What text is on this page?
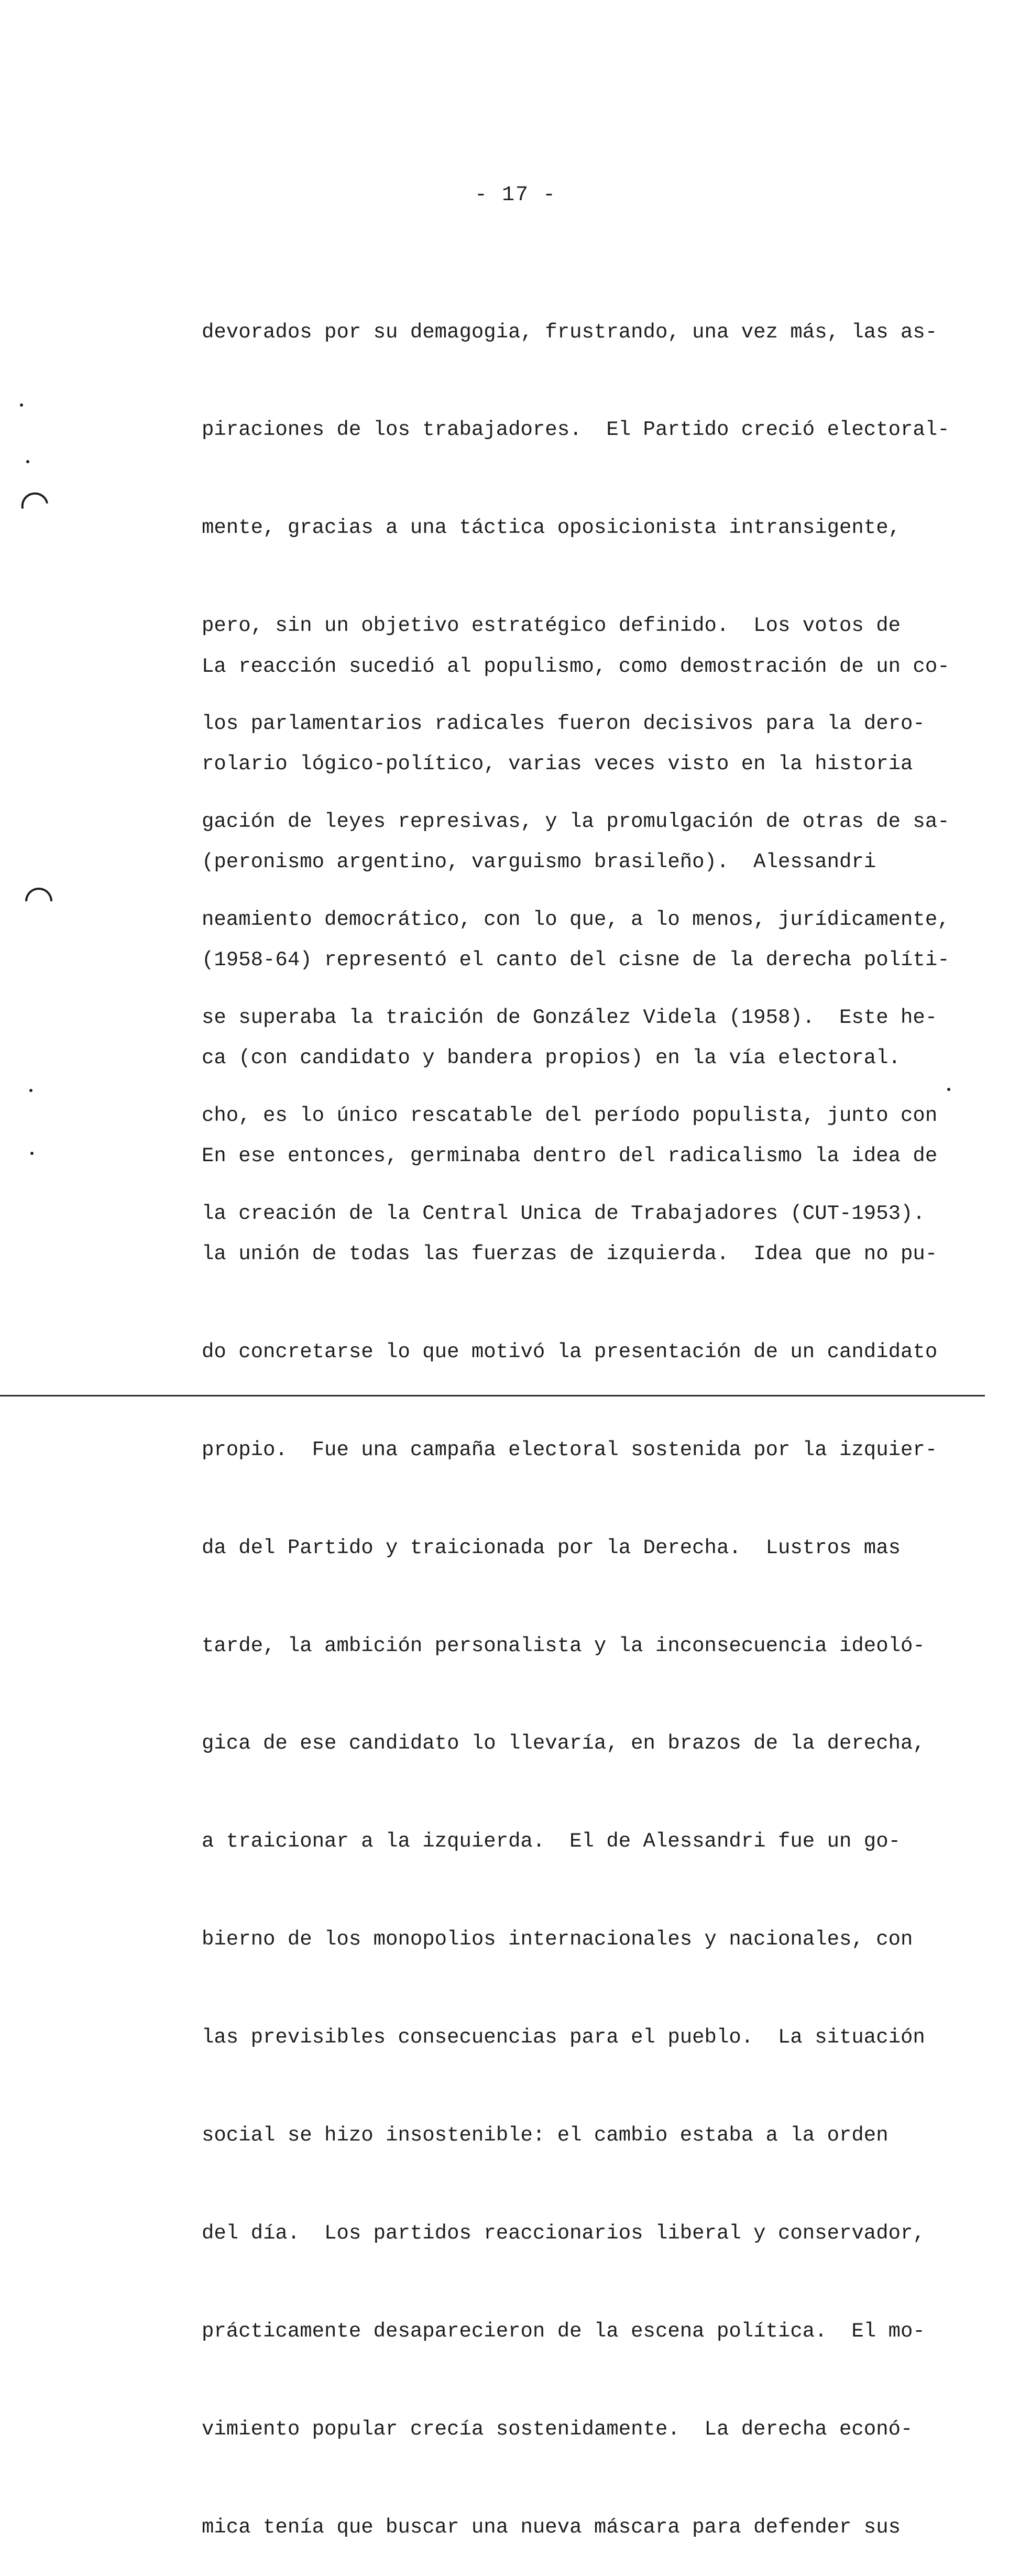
- 17 -

devorados por su demagogia, frustrando, una vez más, las as-

piraciones de los trabajadores.  El Partido creció electoral-

mente, gracias a una táctica oposicionista intransigente,

pero, sin un objetivo estratégico definido.  Los votos de

los parlamentarios radicales fueron decisivos para la dero-

gación de leyes represivas, y la promulgación de otras de sa-

neamiento democrático, con lo que, a lo menos, jurídicamente,

se superaba la traición de González Videla (1958).  Este he-

cho, es lo único rescatable del período populista, junto con

la creación de la Central Unica de Trabajadores (CUT-1953).

La reacción sucedió al populismo, como demostración de un co-

rolario lógico-político, varias veces visto en la historia

(peronismo argentino, varguismo brasileño).  Alessandri

(1958-64) representó el canto del cisne de la derecha políti-

ca (con candidato y bandera propios) en la vía electoral.

En ese entonces, germinaba dentro del radicalismo la idea de

la unión de todas las fuerzas de izquierda.  Idea que no pu-

do concretarse lo que motivó la presentación de un candidato

propio.  Fue una campaña electoral sostenida por la izquier-

da del Partido y traicionada por la Derecha.  Lustros mas

tarde, la ambición personalista y la inconsecuencia ideoló-

gica de ese candidato lo llevaría, en brazos de la derecha,

a traicionar a la izquierda.  El de Alessandri fue un go-

bierno de los monopolios internacionales y nacionales, con

las previsibles consecuencias para el pueblo.  La situación

social se hizo insostenible: el cambio estaba a la orden

del día.  Los partidos reaccionarios liberal y conservador,

prácticamente desaparecieron de la escena política.  El mo-

vimiento popular crecía sostenidamente.  La derecha econó-

mica tenía que buscar una nueva máscara para defender sus
